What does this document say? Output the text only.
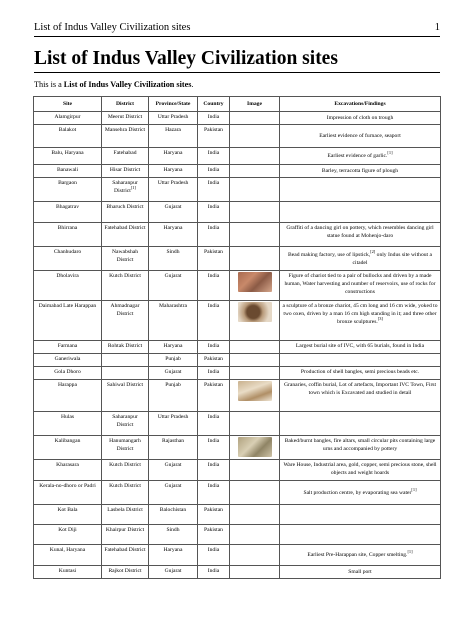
List of Indus Valley Civilization sites	1
List of Indus Valley Civilization sites
This is a List of Indus Valley Civilization sites.
Site	District	Province/State	Country	Image	Excavations/Findings
Alamgirpur	Meerut District	Uttar Pradesh	India		Impression of cloth on trough
Balakot	Mansehra District	Hazara	Pakistan		Earliest evidence of furnace, seaport
Balu, Haryana	Fatehabad	Haryana	India		Earliest evidence of garlic.[1]
Banawali	Hisar District	Haryana	India		Barley, terracotta figure of plough
Bargaon	Saharanpur District[1]	Uttar Pradesh	India		
Bhagatrav	Bharuch District	Gujarat	India		
Bhirrana	Fatehabad District	Haryana	India		Graffiti of a dancing girl on pottery, which resembles dancing girl statue found at Mohenjo-daro
Chanhudaro	Nawabshah District	Sindh	Pakistan		Bead making factory, use of lipstick,[2] only Indus site without a citadel
Dholavira	Kutch District	Gujarat	India		Figure of chariot tied to a pair of bullocks and driven by a made human, Water harvesting and number of reservoirs, use of rocks for constructions
Daimabad Late Harappan	Ahmadnagar District	Maharashtra	India		a sculpture of a bronze chariot, 45 cm long and 16 cm wide, yoked to two oxen, driven by a man 16 cm high standing in it; and three other bronze sculptures.[3]
Farmana	Rohtak District	Haryana	India		Largest burial site of IVC, with 65 burials, found in India
Ganeriwala		Punjab	Pakistan		
Gola Dhoro		Gujarat	India		Production of shell bangles, semi precious beads etc.
Harappa	Sahiwal District	Punjab	Pakistan		Granaries, coffin burial, Lot of artefacts, Important IVC Town, First town which is Excavated and studied in detail
Hulas	Saharanpur District	Uttar Pradesh	India		
Kalibangan	Hanumangarh District	Rajasthan	India		Baked/burnt bangles, fire altars, small circular pits containing large urns and accompanied by pottery
Kharasara	Kutch District	Gujarat	India		Ware House, Industrial area, gold, copper, semi precious stone, shell objects and weight hoards
Kerala-no-dhoro or Padri	Kutch District	Gujarat	India		Salt production centre, by evaporating sea water[1]
Kot Bala	Lasbela District	Balochistan	Pakistan		
Kot Diji	Khairpur District	Sindh	Pakistan		
Kunal, Haryana	Fatehabad District	Haryana	India		Earliest Pre-Harappan site, Copper smelting.[1]
Kuntasi	Rajkot District	Gujarat	India		Small port
